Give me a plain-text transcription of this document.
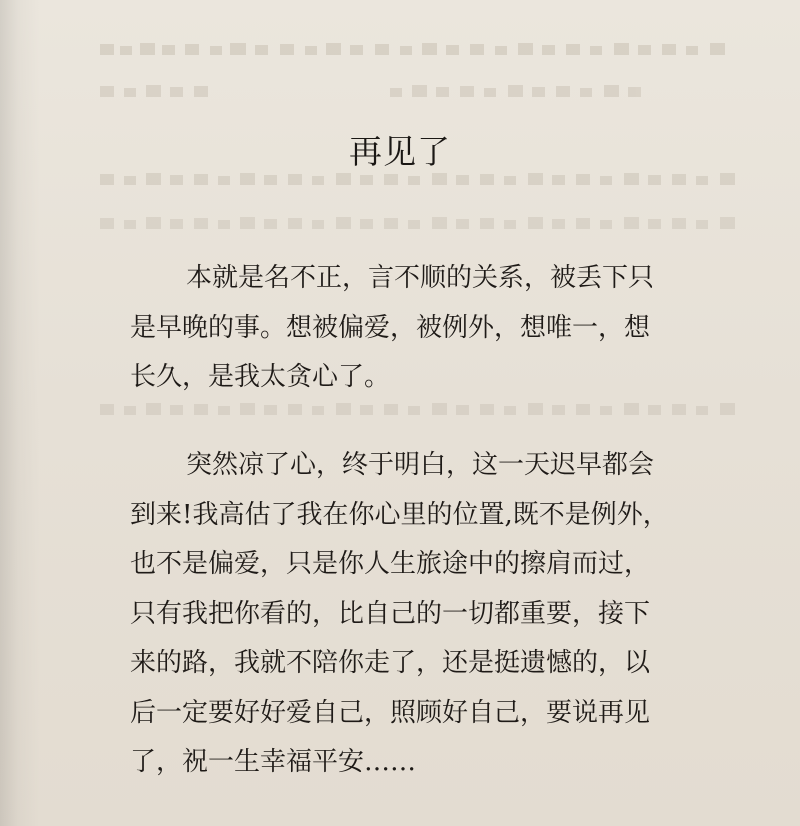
再见了

本就是名不正，言不顺的关系，被丢下只是早晚的事。想被偏爱，被例外，想唯一，想长久，是我太贪心了。

突然凉了心，终于明白，这一天迟早都会到来!我高估了我在你心里的位置,既不是例外，也不是偏爱，只是你人生旅途中的擦肩而过，只有我把你看的，比自己的一切都重要，接下来的路，我就不陪你走了，还是挺遗憾的，以后一定要好好爱自己，照顾好自己，要说再见了，祝一生幸福平安……
